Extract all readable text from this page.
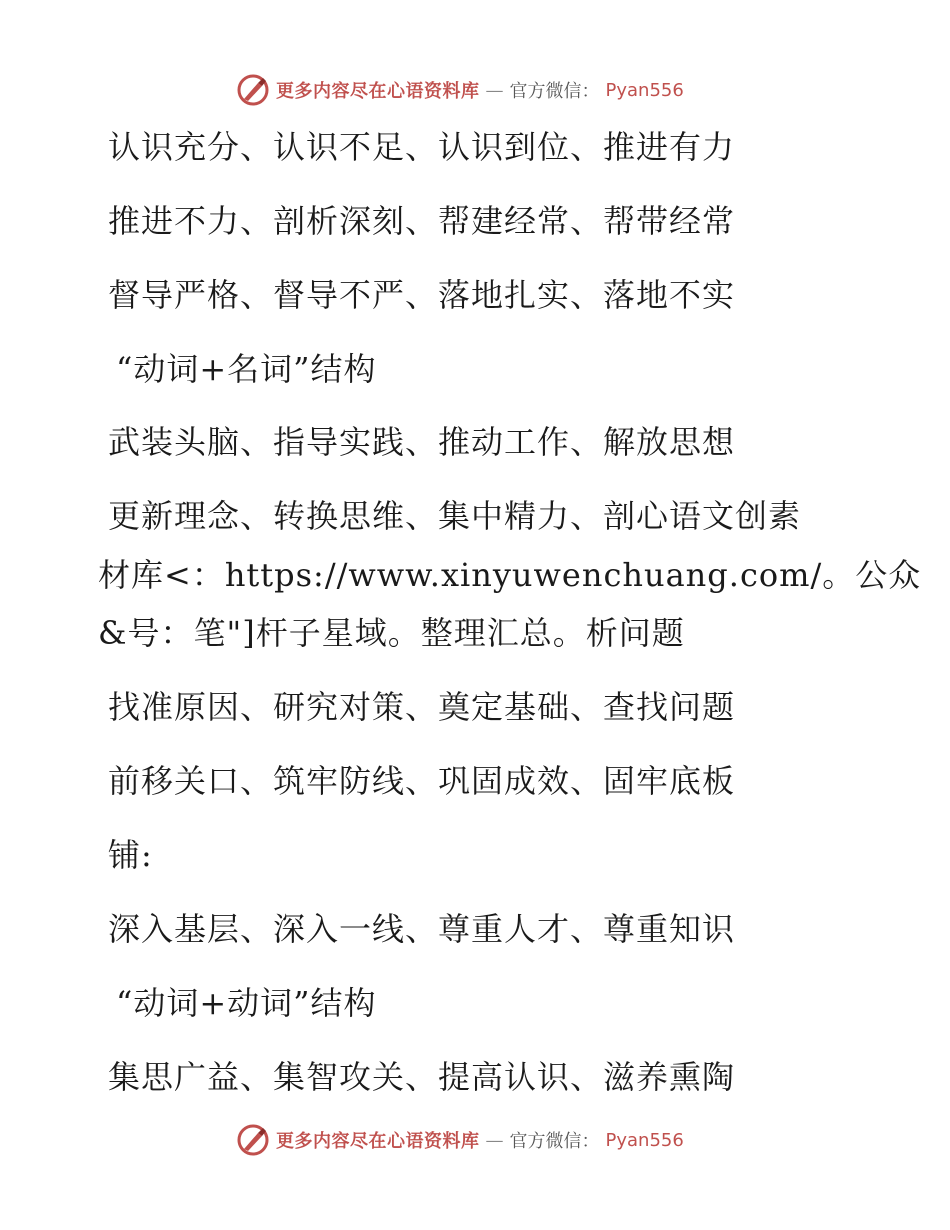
更多内容尽在心语资料库 — 官方微信： Pyan556

认识充分、认识不足、认识到位、推进有力

推进不力、剖析深刻、帮建经常、帮带经常

督导严格、督导不严、落地扎实、落地不实

“动词+名词”结构

武装头脑、指导实践、推动工作、解放思想

更新理念、转换思维、集中精力、剖心语文创素

材库<：https://www.xinyuwenchuang.com/。公众

&号：笔"]杆子星域。整理汇总。析问题

找准原因、研究对策、奠定基础、查找问题

前移关口、筑牢防线、巩固成效、固牢底板

铺:

深入基层、深入一线、尊重人才、尊重知识

“动词+动词”结构

集思广益、集智攻关、提高认识、滋养熏陶

更多内容尽在心语资料库 — 官方微信： Pyan556
